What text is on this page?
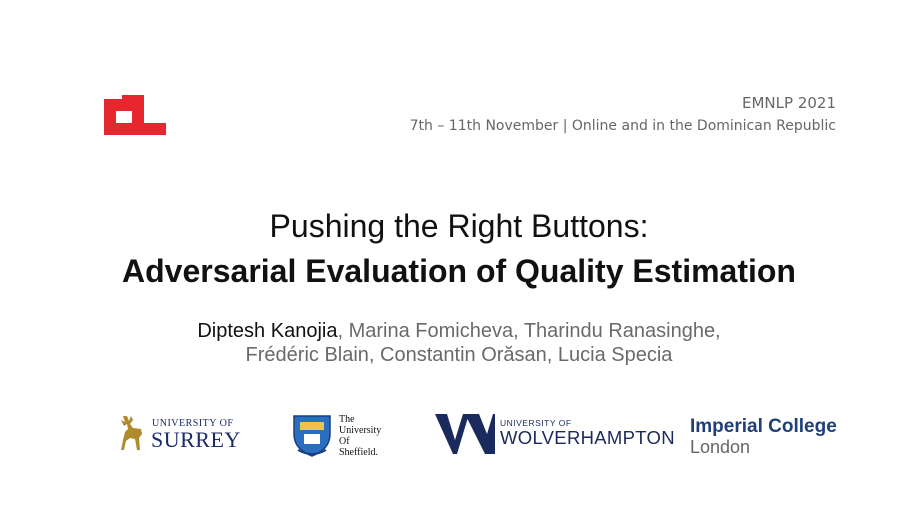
EMNLP 2021
7th – 11th November | Online and in the Dominican Republic
Pushing the Right Buttons:
Adversarial Evaluation of Quality Estimation
Diptesh Kanojia, Marina Fomicheva, Tharindu Ranasinghe,
Frédéric Blain, Constantin Orăsan, Lucia Specia
UNIVERSITY OF
SURREY
The
University
Of
Sheffield.
UNIVERSITY OF
WOLVERHAMPTON
Imperial College
London
